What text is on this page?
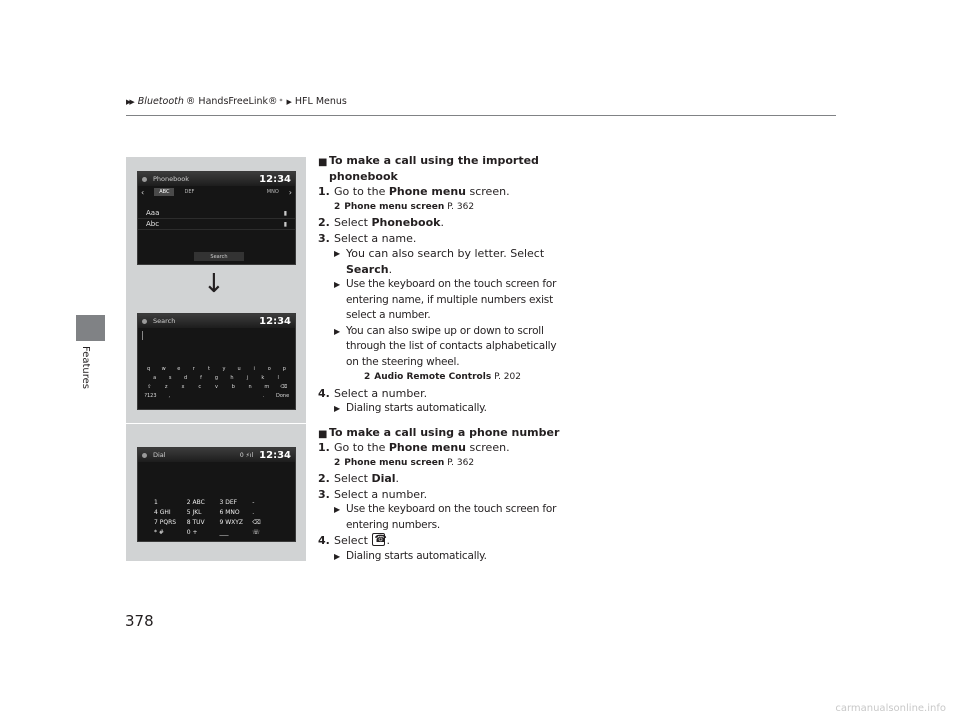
▶▶ Bluetooth ® HandsFreeLink® * ▶ HFL Menus
Features
Phonebook	12:34
‹	ABC	DEF	MNO ›
Aaa	▮
Abc	▮
Search
↓
Search	12:34
q	w	e	r	t	y	u	i	o	p
a	s	d	f	g	h	j	k	l
⇧	z	x	c	v	b	n	m	⌫
?123	,	.	Done
Dial	0 ⚡ıl 12:34
1	2 ABC	3 DEF	-
4 GHI	5 JKL	6 MNO	.
7 PQRS	8 TUV	9 WXYZ	⌫
* #	0 +	___	☏
■ To make a call using the imported phonebook
1. Go to the Phone menu screen.
2 Phone menu screen P. 362
2. Select Phonebook.
3. Select a name.
▶ You can also search by letter. Select Search.
▶ Use the keyboard on the touch screen for entering name, if multiple numbers exist select a number.
▶ You can also swipe up or down to scroll through the list of contacts alphabetically on the steering wheel.
2 Audio Remote Controls P. 202
4. Select a number.
▶ Dialing starts automatically.
■ To make a call using a phone number
1. Go to the Phone menu screen.
2 Phone menu screen P. 362
2. Select Dial.
3. Select a number.
▶ Use the keyboard on the touch screen for entering numbers.
4. Select ☎.
▶ Dialing starts automatically.
378
carmanualsonline.info
